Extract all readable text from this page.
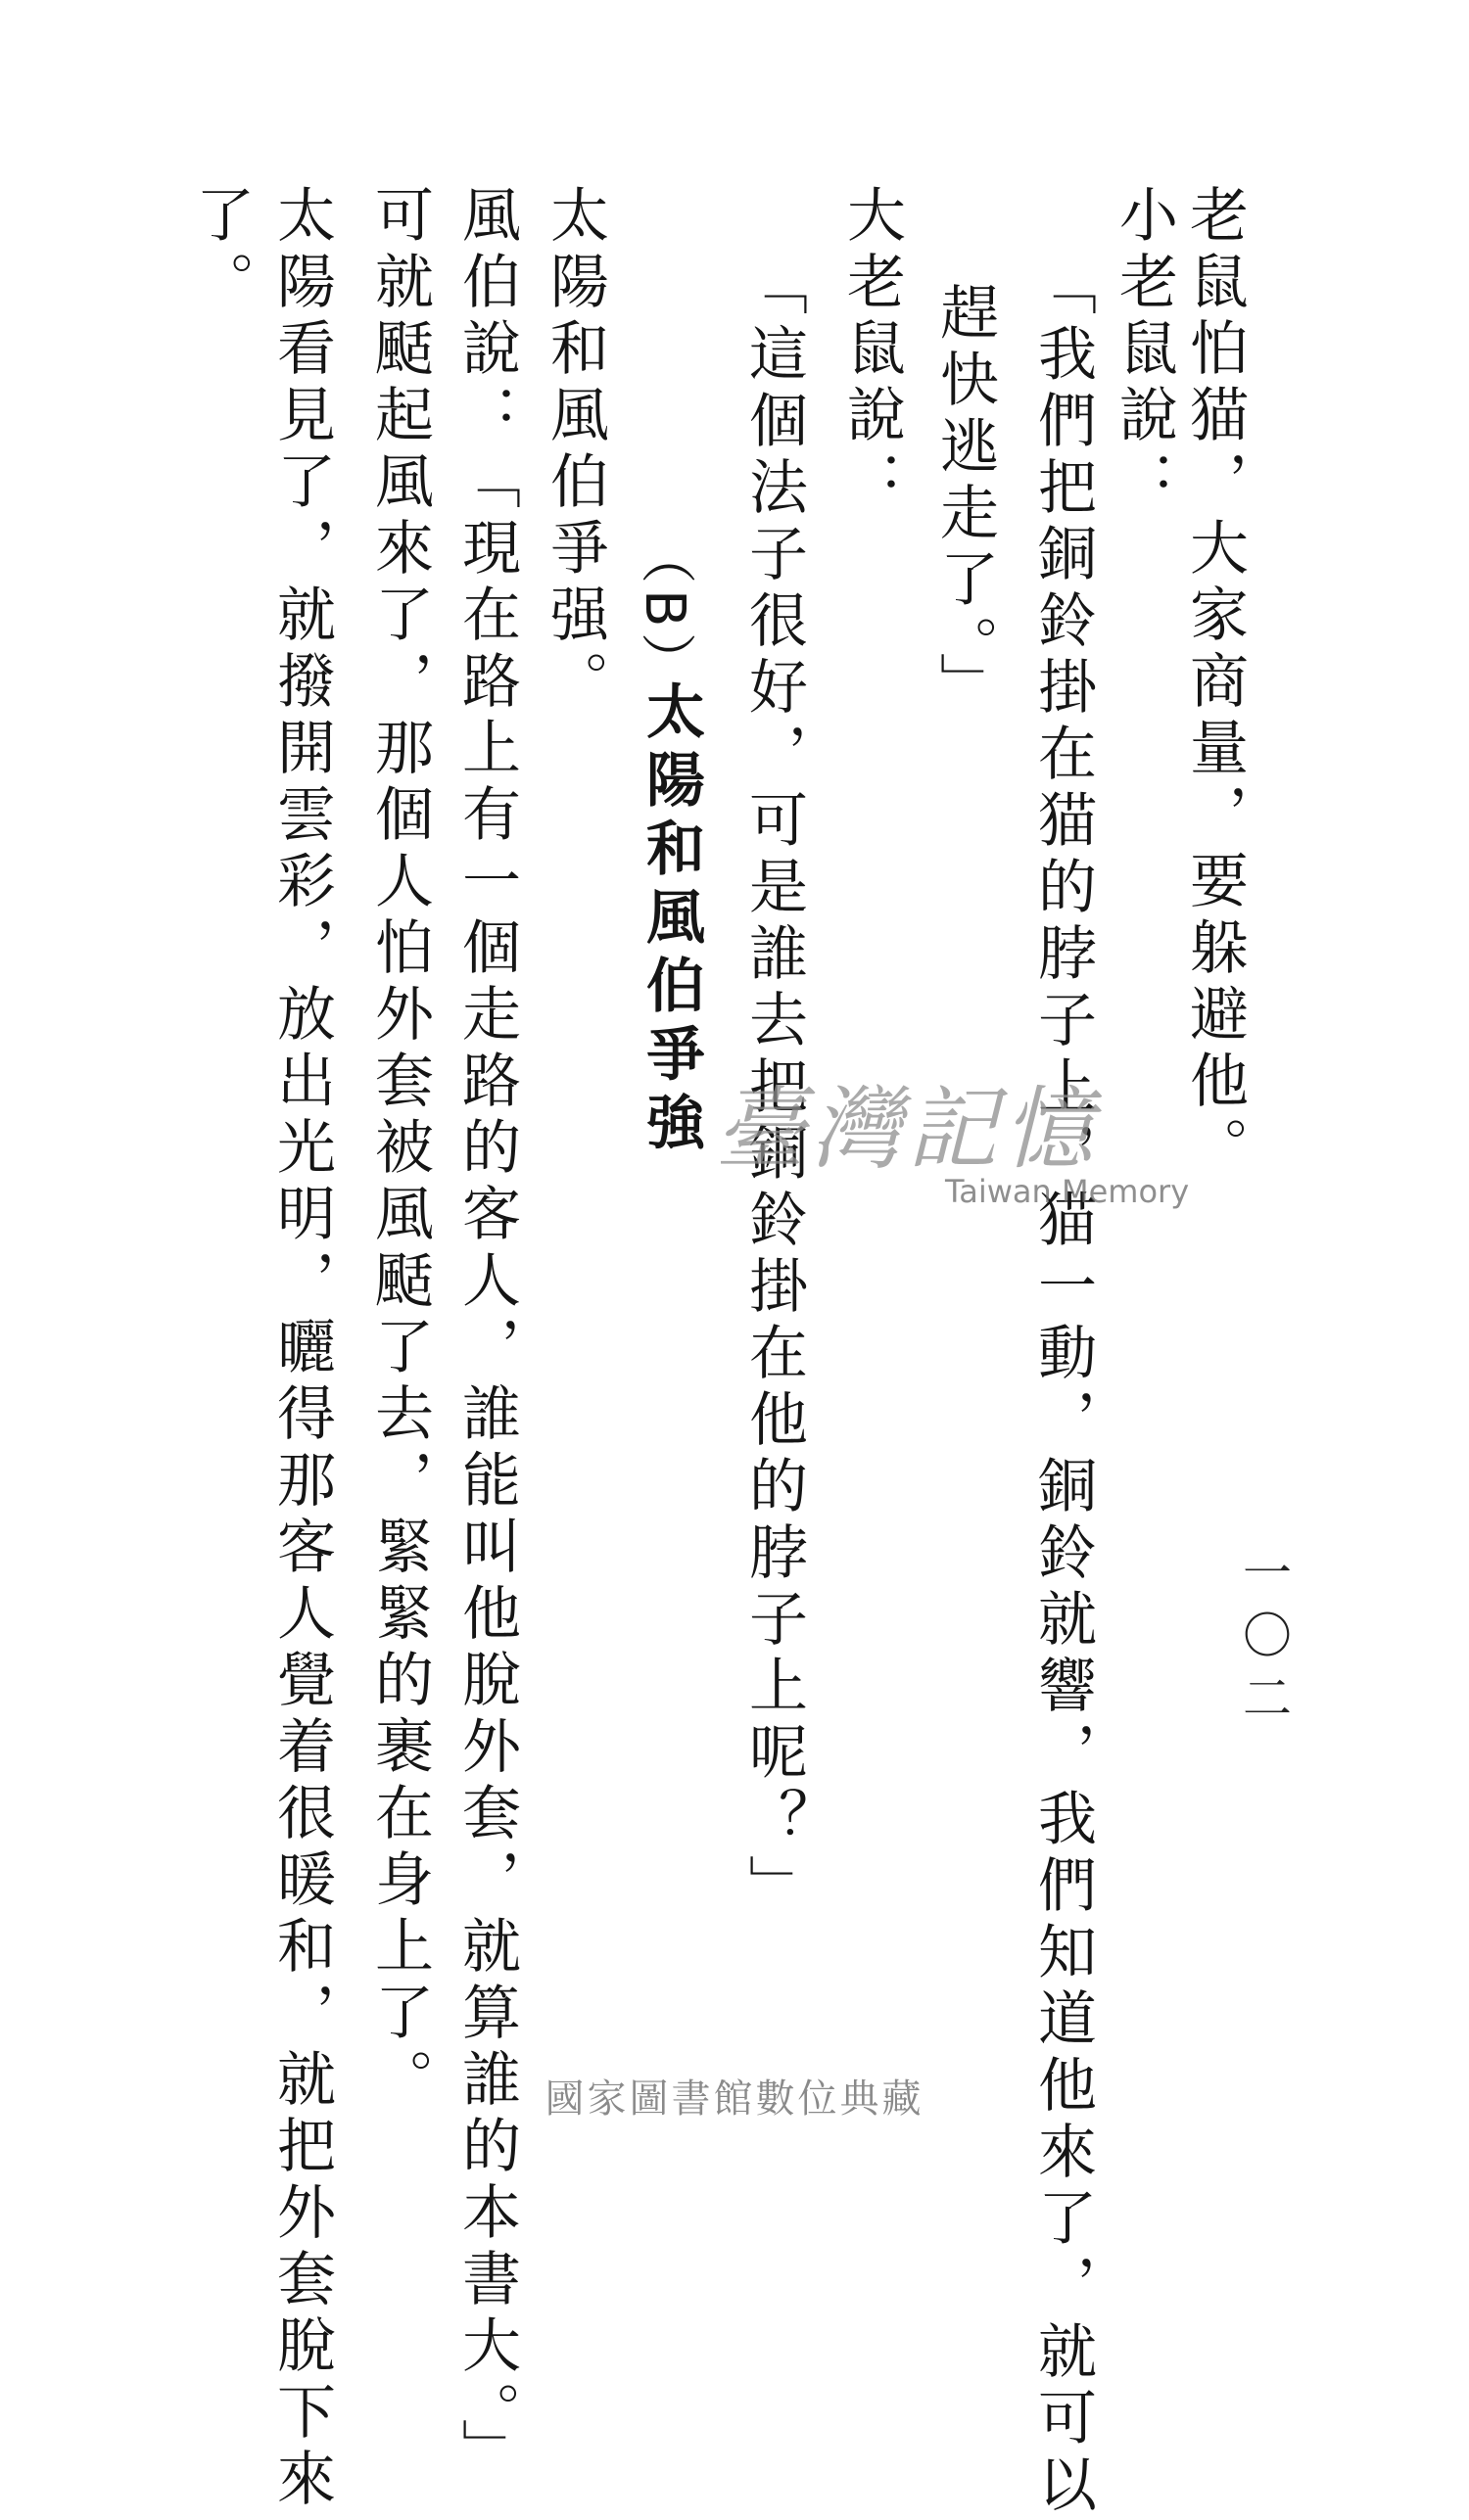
一〇二
老鼠怕猫，大家商量，要躲避他。
小老鼠說：
「我們把銅鈴掛在猫的脖子上，猫一動，銅鈴就響，我們知道他來了，就可以
趕快逃走了。」
大老鼠說：
「這個法子很好，可是誰去把銅鈴掛在他的脖子上呢？」
（B）
太陽和風伯爭強
太陽和風伯爭强。
風伯說：「現在路上有一個走路的客人，誰能叫他脫外套，就算誰的本書大。」
可就颳起風來了，那個人怕外套被風颳了去，緊緊的裹在身上了。
太陽看見了，就撥開雲彩，放出光明，曬得那客人覺着很暖和，就把外套脫下來
了。
臺灣記憶
Taiwan Memory
國家圖書館數位典藏
